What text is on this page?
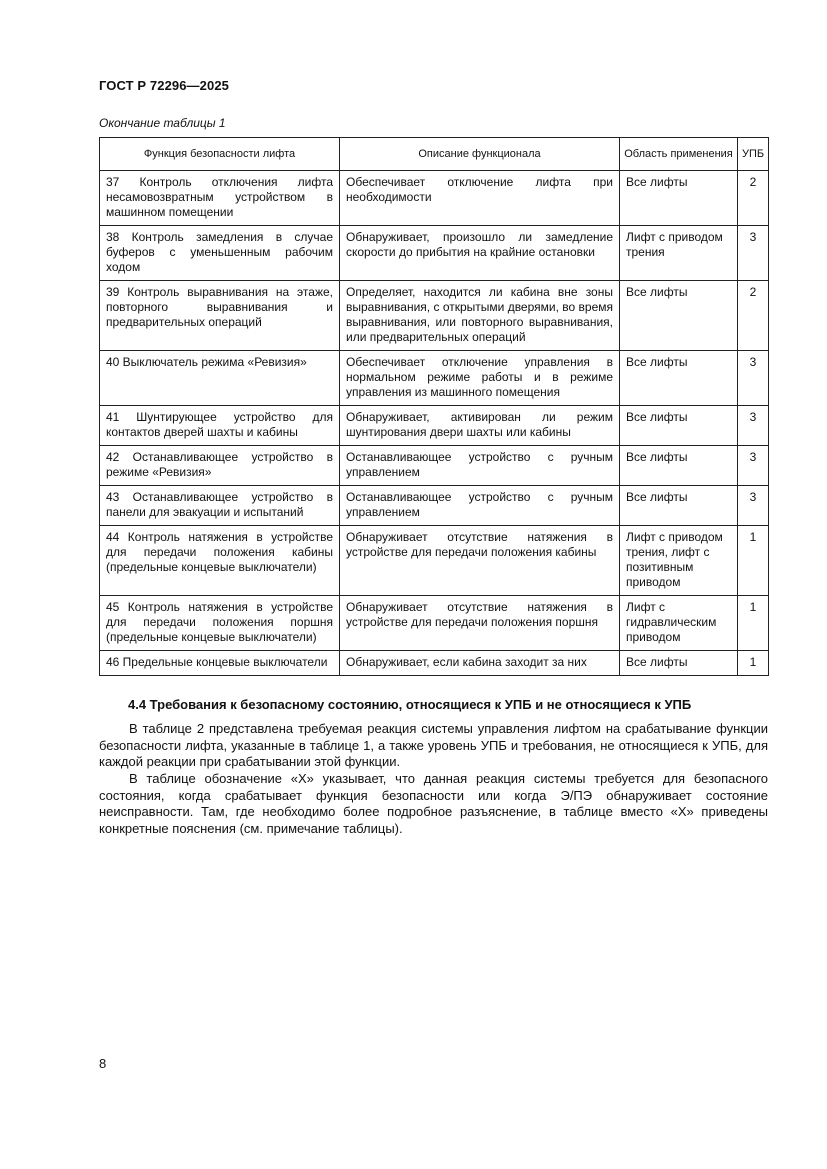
ГОСТ Р 72296—2025
Окончание таблицы 1
Функция безопасности лифта	Описание функционала	Область применения	УПБ
37 Контроль отключения лифта несамовозвратным устройством в машинном помещении	Обеспечивает отключение лифта при необходимости	Все лифты	2
38 Контроль замедления в случае буферов с уменьшенным рабочим ходом	Обнаруживает, произошло ли замедление скорости до прибытия на крайние остановки	Лифт с приводом трения	3
39 Контроль выравнивания на этаже, повторного выравнивания и предварительных операций	Определяет, находится ли кабина вне зоны выравнивания, с открытыми дверями, во время выравнивания, или повторного выравнивания, или предварительных операций	Все лифты	2
40 Выключатель режима «Ревизия»	Обеспечивает отключение управления в нормальном режиме работы и в режиме управления из машинного помещения	Все лифты	3
41 Шунтирующее устройство для контактов дверей шахты и кабины	Обнаруживает, активирован ли режим шунтирования двери шахты или кабины	Все лифты	3
42 Останавливающее устройство в режиме «Ревизия»	Останавливающее устройство с ручным управлением	Все лифты	3
43 Останавливающее устройство в панели для эвакуации и испытаний	Останавливающее устройство с ручным управлением	Все лифты	3
44 Контроль натяжения в устройстве для передачи положения кабины (предельные концевые выключатели)	Обнаруживает отсутствие натяжения в устройстве для передачи положения кабины	Лифт с приводом трения, лифт с позитивным приводом	1
45 Контроль натяжения в устройстве для передачи положения поршня (предельные концевые выключатели)	Обнаруживает отсутствие натяжения в устройстве для передачи положения поршня	Лифт с гидравлическим приводом	1
46 Предельные концевые выключатели	Обнаруживает, если кабина заходит за них	Все лифты	1
4.4 Требования к безопасному состоянию, относящиеся к УПБ и не относящиеся к УПБ

В таблице 2 представлена требуемая реакция системы управления лифтом на срабатывание функции безопасности лифта, указанные в таблице 1, а также уровень УПБ и требования, не относящиеся к УПБ, для каждой реакции при срабатывании этой функции.

В таблице обозначение «Х» указывает, что данная реакция системы требуется для безопасного состояния, когда срабатывает функция безопасности или когда Э/ПЭ обнаруживает состояние неисправности. Там, где необходимо более подробное разъяснение, в таблице вместо «Х» приведены конкретные пояснения (см. примечание таблицы).

8
